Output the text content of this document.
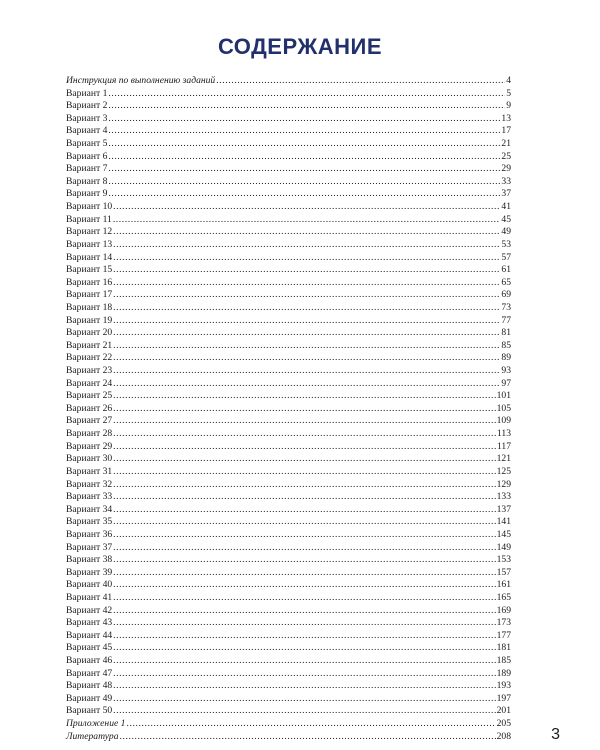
СОДЕРЖАНИЕ
Инструкция по выполнению заданий .....	4
Вариант 1 .....	5
Вариант 2 .....	9
Вариант 3 .....	13
Вариант 4 .....	17
Вариант 5 .....	21
Вариант 6 .....	25
Вариант 7 .....	29
Вариант 8 .....	33
Вариант 9 .....	37
Вариант 10 .....	41
Вариант 11 .....	45
Вариант 12 .....	49
Вариант 13 .....	53
Вариант 14 .....	57
Вариант 15 .....	61
Вариант 16 .....	65
Вариант 17 .....	69
Вариант 18 .....	73
Вариант 19 .....	77
Вариант 20 .....	81
Вариант 21 .....	85
Вариант 22 .....	89
Вариант 23 .....	93
Вариант 24 .....	97
Вариант 25 .....	101
Вариант 26 .....	105
Вариант 27 .....	109
Вариант 28 .....	113
Вариант 29 .....	117
Вариант 30 .....	121
Вариант 31 .....	125
Вариант 32 .....	129
Вариант 33 .....	133
Вариант 34 .....	137
Вариант 35 .....	141
Вариант 36 .....	145
Вариант 37 .....	149
Вариант 38 .....	153
Вариант 39 .....	157
Вариант 40 .....	161
Вариант 41 .....	165
Вариант 42 .....	169
Вариант 43 .....	173
Вариант 44 .....	177
Вариант 45 .....	181
Вариант 46 .....	185
Вариант 47 .....	189
Вариант 48 .....	193
Вариант 49 .....	197
Вариант 50 .....	201
Приложение 1 .....	205
Литература .....	208	3
